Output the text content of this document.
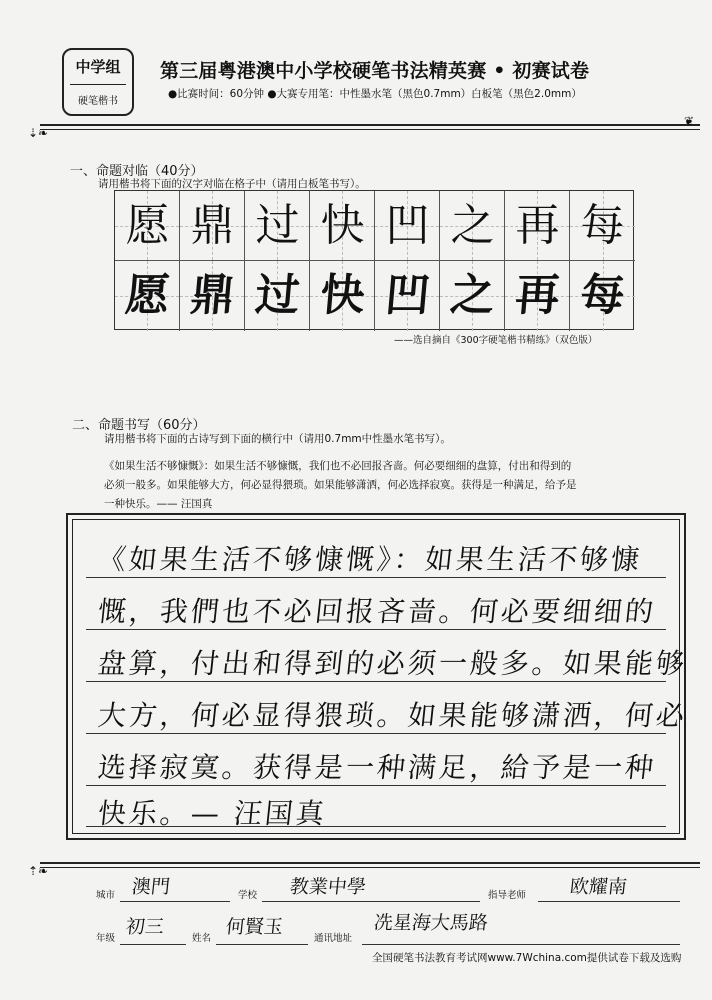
中学组
硬笔楷书
第三届粤港澳中小学校硬笔书法精英赛 • 初赛试卷
●比赛时间：60分钟 ●大赛专用笔：中性墨水笔（黑色0.7mm）白板笔（黑色2.0mm）
⇣❧
❦
一、命题对临（40分）
请用楷书将下面的汉字对临在格子中（请用白板笔书写）。
愿 鼎 过 快 凹 之 再 每
愿 鼎 过 快 凹 之 再 每
——选自摘自《300字硬笔楷书精练》（双色版）
二、命题书写（60分）
请用楷书将下面的古诗写到下面的横行中（请用0.7mm中性墨水笔书写）。
《如果生活不够慷慨》：如果生活不够慷慨，我们也不必回报吝啬。何必要细细的盘算，付出和得到的
必须一般多。如果能够大方，何必显得猥琐。如果能够潇洒，何必选择寂寞。获得是一种满足，给予是
一种快乐。—— 汪国真
《如果生活不够慷慨》：如果生活不够慷
慨，我們也不必回报吝啬。何必要细细的
盘算，付出和得到的必须一般多。如果能够
大方，何必显得猥琐。如果能够潇洒，何必
选择寂寞。获得是一种满足，給予是一种
快乐。— 汪国真
⇡❧
城市 澳門	学校 教業中學	指导老师 欧耀南
年级
初三
姓名
何賢玉
通讯地址
冼星海大馬路
全国硬笔书法教育考试网www.7Wchina.com提供试卷下载及选购
